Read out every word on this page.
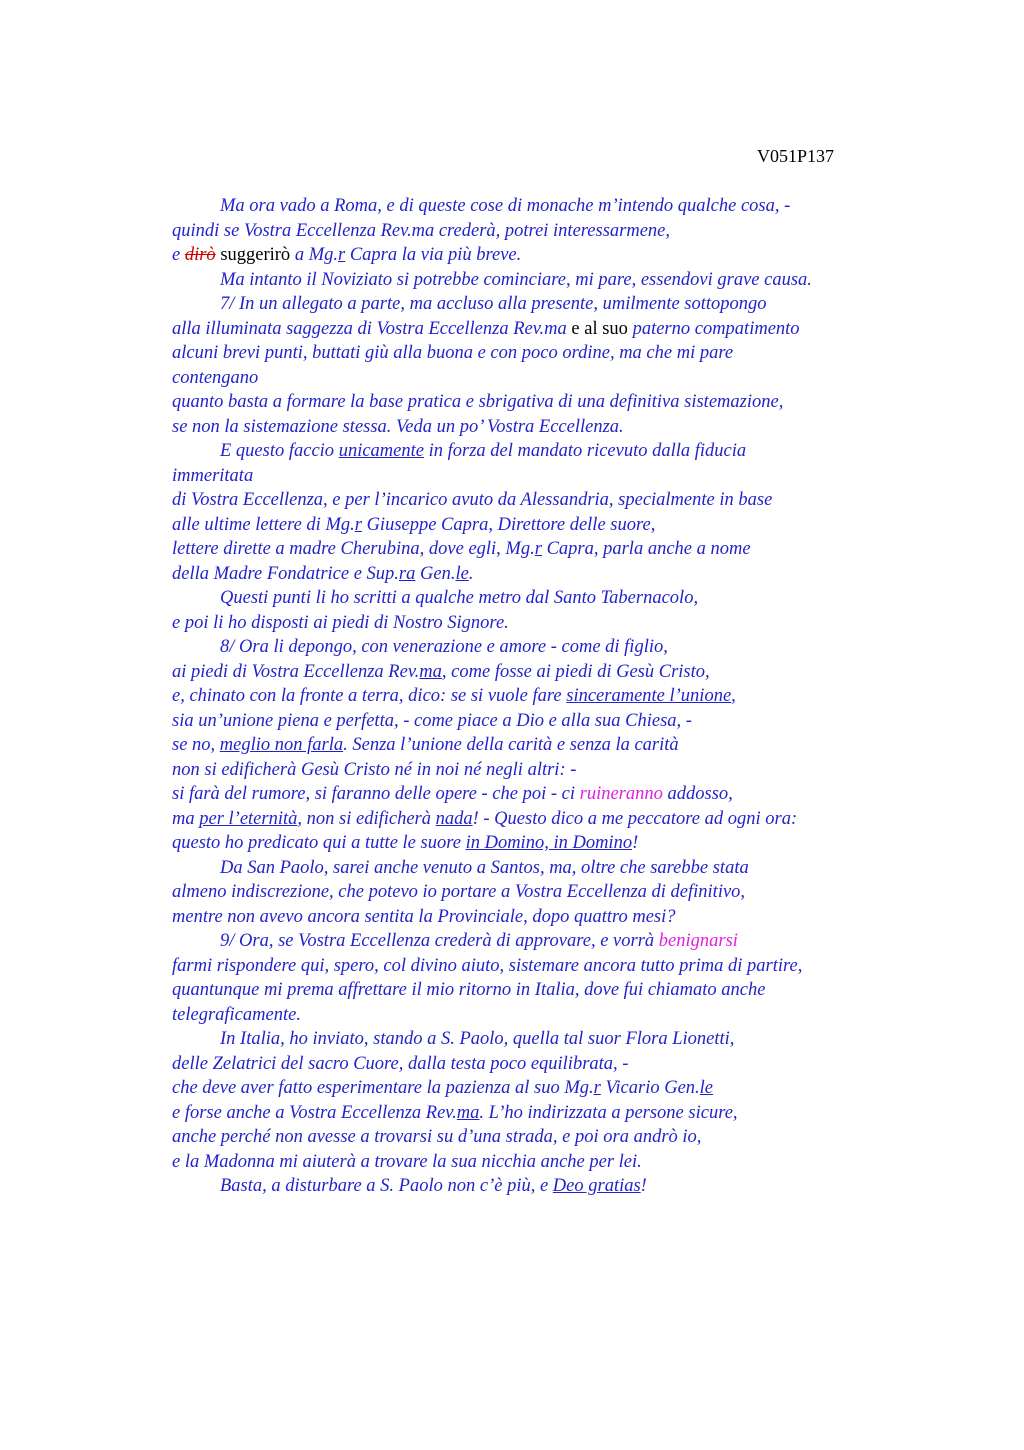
V051P137
Ma ora vado a Roma, e di queste cose di monache m’intendo qualche cosa, -
quindi se Vostra Eccellenza Rev.ma crederà, potrei interessarmene,
e dirò suggerirò a Mg.r Capra la via più breve.
Ma intanto il Noviziato si potrebbe cominciare, mi pare, essendovi grave causa.
7/ In un allegato a parte, ma accluso alla presente, umilmente sottopongo
alla illuminata saggezza di Vostra Eccellenza Rev.ma e al suo paterno compatimento
alcuni brevi punti, buttati giù alla buona e con poco ordine, ma che mi pare
contengano
quanto basta a formare la base pratica e sbrigativa di una definitiva sistemazione,
se non la sistemazione stessa. Veda un po’ Vostra Eccellenza.
E questo faccio unicamente in forza del mandato ricevuto dalla fiducia
immeritata
di Vostra Eccellenza, e per l’incarico avuto da Alessandria, specialmente in base
alle ultime lettere di Mg.r Giuseppe Capra, Direttore delle suore,
lettere dirette a madre Cherubina, dove egli, Mg.r Capra, parla anche a nome
della Madre Fondatrice e Sup.ra Gen.le.
Questi punti li ho scritti a qualche metro dal Santo Tabernacolo,
e poi li ho disposti ai piedi di Nostro Signore.
8/ Ora li depongo, con venerazione e amore - come di figlio,
ai piedi di Vostra Eccellenza Rev.ma, come fosse ai piedi di Gesù Cristo,
e, chinato con la fronte a terra, dico: se si vuole fare sinceramente l’unione,
sia un’unione piena e perfetta, - come piace a Dio e alla sua Chiesa, -
se no, meglio non farla. Senza l’unione della carità e senza la carità
non si edificherà Gesù Cristo né in noi né negli altri: -
si farà del rumore, si faranno delle opere - che poi - ci ruineranno addosso,
ma per l’eternità, non si edificherà nada! - Questo dico a me peccatore ad ogni ora:
questo ho predicato qui a tutte le suore in Domino, in Domino!
Da San Paolo, sarei anche venuto a Santos, ma, oltre che sarebbe stata
almeno indiscrezione, che potevo io portare a Vostra Eccellenza di definitivo,
mentre non avevo ancora sentita la Provinciale, dopo quattro mesi?
9/ Ora, se Vostra Eccellenza crederà di approvare, e vorrà benignarsi
farmi rispondere qui, spero, col divino aiuto, sistemare ancora tutto prima di partire,
quantunque mi prema affrettare il mio ritorno in Italia, dove fui chiamato anche
telegraficamente.
In Italia, ho inviato, stando a S. Paolo, quella tal suor Flora Lionetti,
delle Zelatrici del sacro Cuore, dalla testa poco equilibrata, -
che deve aver fatto esperimentare la pazienza al suo Mg.r Vicario Gen.le
e forse anche a Vostra Eccellenza Rev.ma. L’ho indirizzata a persone sicure,
anche perché non avesse a trovarsi su d’una strada, e poi ora andrò io,
e la Madonna mi aiuterà a trovare la sua nicchia anche per lei.
Basta, a disturbare a S. Paolo non c’è più, e Deo gratias!
